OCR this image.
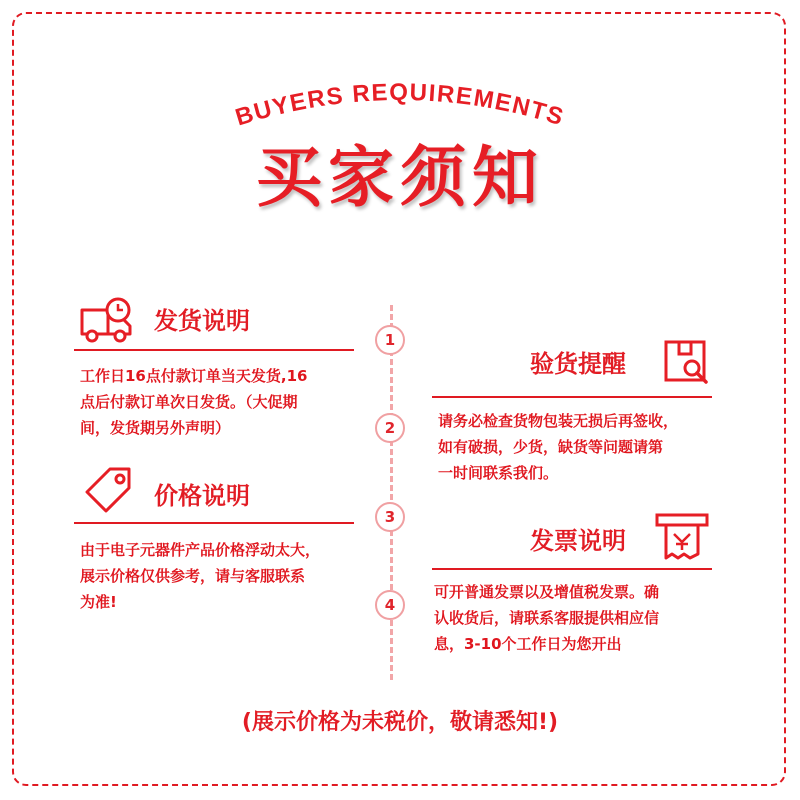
BUYERS REQUIREMENTS
买家须知
1
2
3
4
发货说明
工作日16点付款订单当天发货,16
点后付款订单次日发货。（大促期
间，发货期另外声明）
验货提醒
请务必检查货物包装无损后再签收，
如有破损，少货，缺货等问题请第
一时间联系我们。
价格说明
由于电子元器件产品价格浮动太大，
展示价格仅供参考，请与客服联系
为准!
发票说明
可开普通发票以及增值税发票。确
认收货后，请联系客服提供相应信
息，3-10个工作日为您开出
(展示价格为未税价，敬请悉知!)
